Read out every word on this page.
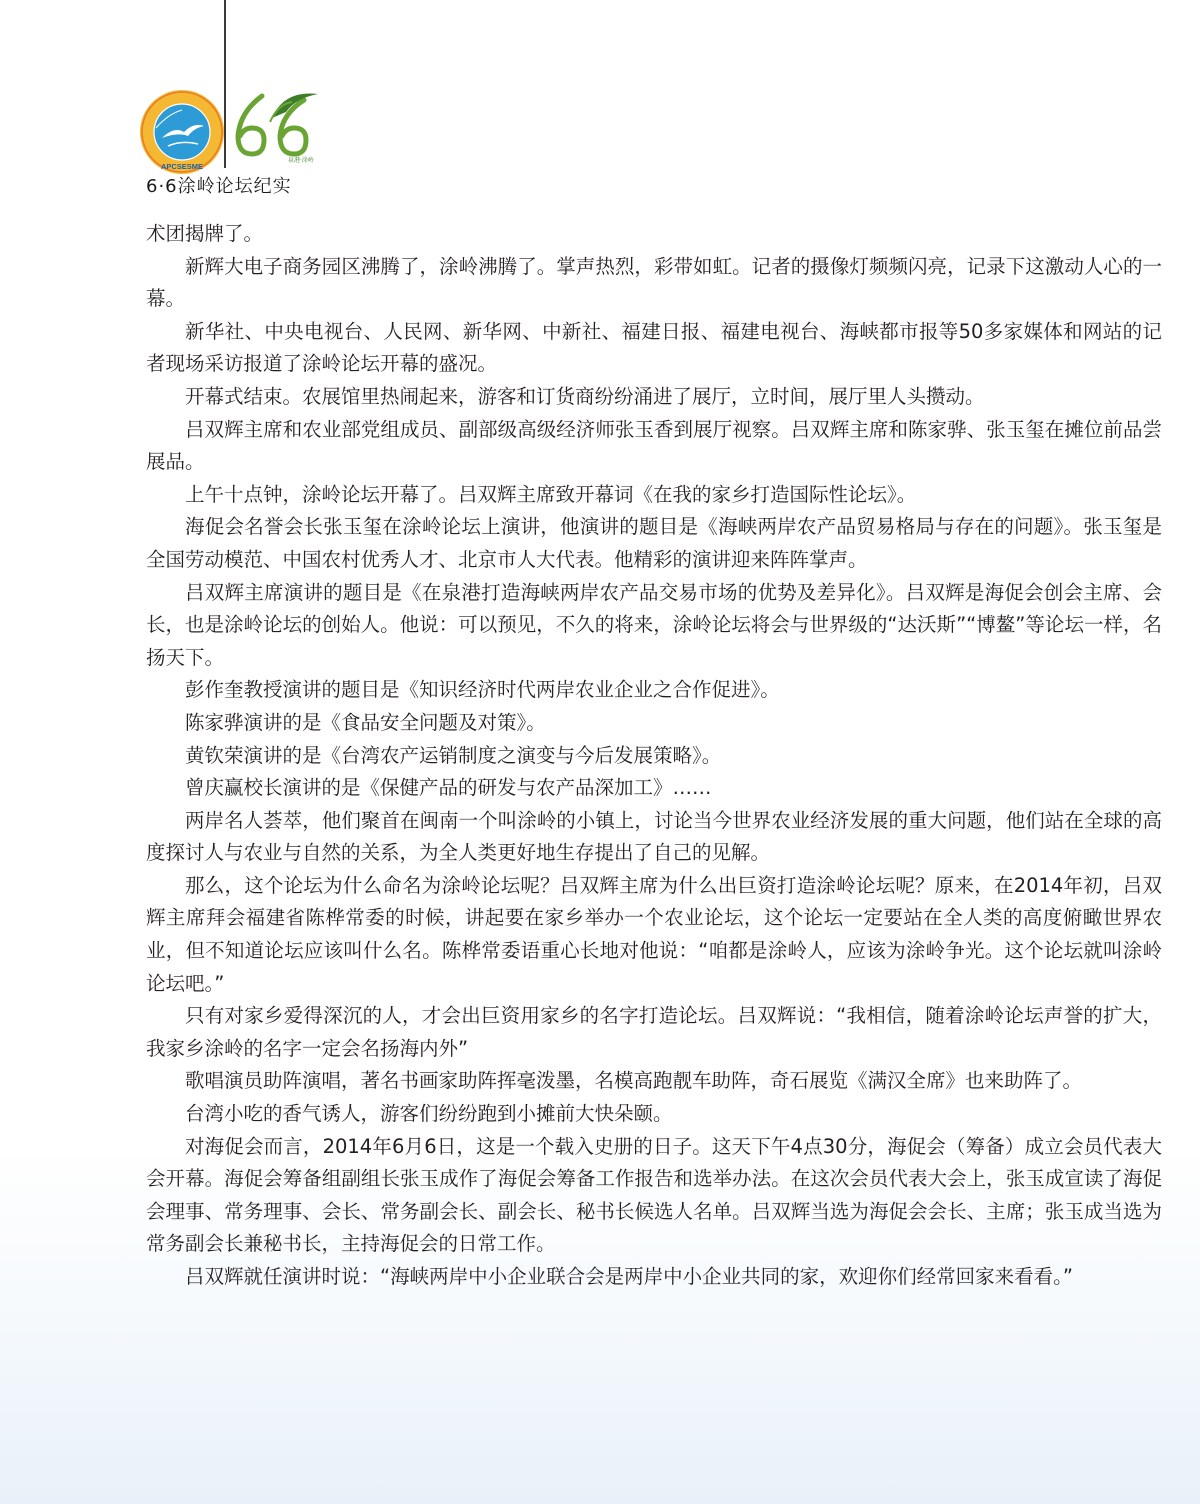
APCSESME
泉港·涂岭
6·6涂岭论坛纪实

术团揭牌了。

新辉大电子商务园区沸腾了，涂岭沸腾了。掌声热烈，彩带如虹。记者的摄像灯频频闪亮，记录下这激动人心的一幕。

新华社、中央电视台、人民网、新华网、中新社、福建日报、福建电视台、海峡都市报等50多家媒体和网站的记者现场采访报道了涂岭论坛开幕的盛况。

开幕式结束。农展馆里热闹起来，游客和订货商纷纷涌进了展厅，立时间，展厅里人头攒动。

吕双辉主席和农业部党组成员、副部级高级经济师张玉香到展厅视察。吕双辉主席和陈家骅、张玉玺在摊位前品尝展品。

上午十点钟，涂岭论坛开幕了。吕双辉主席致开幕词《在我的家乡打造国际性论坛》。

海促会名誉会长张玉玺在涂岭论坛上演讲，他演讲的题目是《海峡两岸农产品贸易格局与存在的问题》。张玉玺是全国劳动模范、中国农村优秀人才、北京市人大代表。他精彩的演讲迎来阵阵掌声。

吕双辉主席演讲的题目是《在泉港打造海峡两岸农产品交易市场的优势及差异化》。吕双辉是海促会创会主席、会长，也是涂岭论坛的创始人。他说：可以预见，不久的将来，涂岭论坛将会与世界级的“达沃斯”“博鳌”等论坛一样，名扬天下。

彭作奎教授演讲的题目是《知识经济时代两岸农业企业之合作促进》。

陈家骅演讲的是《食品安全问题及对策》。

黄钦荣演讲的是《台湾农产运销制度之演变与今后发展策略》。

曾庆赢校长演讲的是《保健产品的研发与农产品深加工》……

两岸名人荟萃，他们聚首在闽南一个叫涂岭的小镇上，讨论当今世界农业经济发展的重大问题，他们站在全球的高度探讨人与农业与自然的关系，为全人类更好地生存提出了自己的见解。

那么，这个论坛为什么命名为涂岭论坛呢？吕双辉主席为什么出巨资打造涂岭论坛呢？原来，在2014年初，吕双辉主席拜会福建省陈桦常委的时候，讲起要在家乡举办一个农业论坛，这个论坛一定要站在全人类的高度俯瞰世界农业，但不知道论坛应该叫什么名。陈桦常委语重心长地对他说：“咱都是涂岭人，应该为涂岭争光。这个论坛就叫涂岭论坛吧。”

只有对家乡爱得深沉的人，才会出巨资用家乡的名字打造论坛。吕双辉说：“我相信，随着涂岭论坛声誉的扩大，我家乡涂岭的名字一定会名扬海内外”

歌唱演员助阵演唱，著名书画家助阵挥毫泼墨，名模高跑靓车助阵，奇石展览《满汉全席》也来助阵了。

台湾小吃的香气诱人，游客们纷纷跑到小摊前大快朵颐。

对海促会而言，2014年6月6日，这是一个载入史册的日子。这天下午4点30分，海促会（筹备）成立会员代表大会开幕。海促会筹备组副组长张玉成作了海促会筹备工作报告和选举办法。在这次会员代表大会上，张玉成宣读了海促会理事、常务理事、会长、常务副会长、副会长、秘书长候选人名单。吕双辉当选为海促会会长、主席；张玉成当选为常务副会长兼秘书长，主持海促会的日常工作。

吕双辉就任演讲时说：“海峡两岸中小企业联合会是两岸中小企业共同的家，欢迎你们经常回家来看看。”
